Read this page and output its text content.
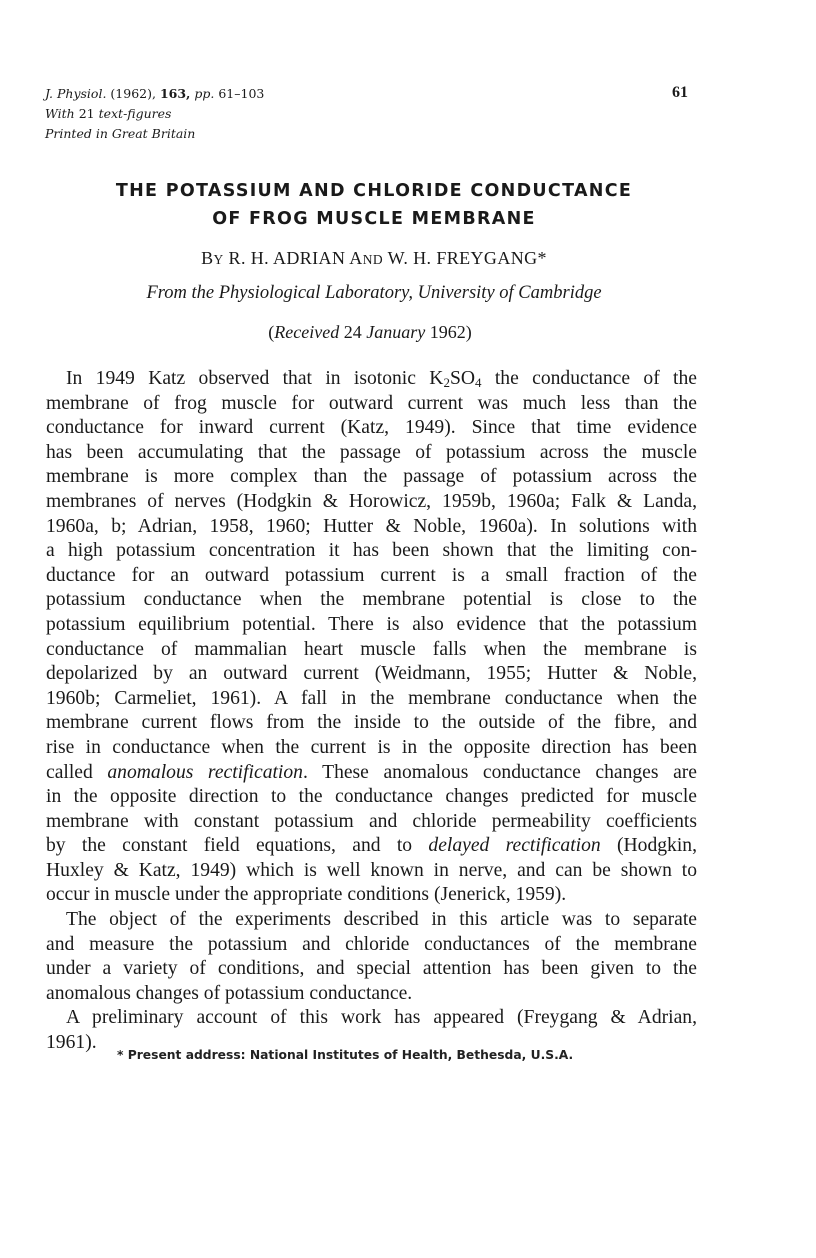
J. Physiol. (1962), 163, pp. 61–103
With 21 text-figures
Printed in Great Britain
61
THE POTASSIUM AND CHLORIDE CONDUCTANCE
OF FROG MUSCLE MEMBRANE
BY R. H. ADRIAN AND W. H. FREYGANG*
From the Physiological Laboratory, University of Cambridge
(Received 24 January 1962)
In 1949 Katz observed that in isotonic $K_2SO_4$ the conductance of the
membrane of frog muscle for outward current was much less than the
conductance for inward current (Katz, 1949). Since that time evidence
has been accumulating that the passage of potassium across the muscle
membrane is more complex than the passage of potassium across the
membranes of nerves (Hodgkin & Horowicz, 1959b, 1960a; Falk & Landa,
1960a, b; Adrian, 1958, 1960; Hutter & Noble, 1960a). In solutions with
a high potassium concentration it has been shown that the limiting con-
ductance for an outward potassium current is a small fraction of the
potassium conductance when the membrane potential is close to the
potassium equilibrium potential. There is also evidence that the potassium
conductance of mammalian heart muscle falls when the membrane is
depolarized by an outward current (Weidmann, 1955; Hutter & Noble,
1960b; Carmeliet, 1961). A fall in the membrane conductance when the
membrane current flows from the inside to the outside of the fibre, and
rise in conductance when the current is in the opposite direction has been
called anomalous rectification. These anomalous conductance changes are
in the opposite direction to the conductance changes predicted for muscle
membrane with constant potassium and chloride permeability coefficients
by the constant field equations, and to delayed rectification (Hodgkin,
Huxley & Katz, 1949) which is well known in nerve, and can be shown to
occur in muscle under the appropriate conditions (Jenerick, 1959).
The object of the experiments described in this article was to separate
and measure the potassium and chloride conductances of the membrane
under a variety of conditions, and special attention has been given to the
anomalous changes of potassium conductance.
A preliminary account of this work has appeared (Freygang & Adrian,
1961).
* Present address: National Institutes of Health, Bethesda, U.S.A.
